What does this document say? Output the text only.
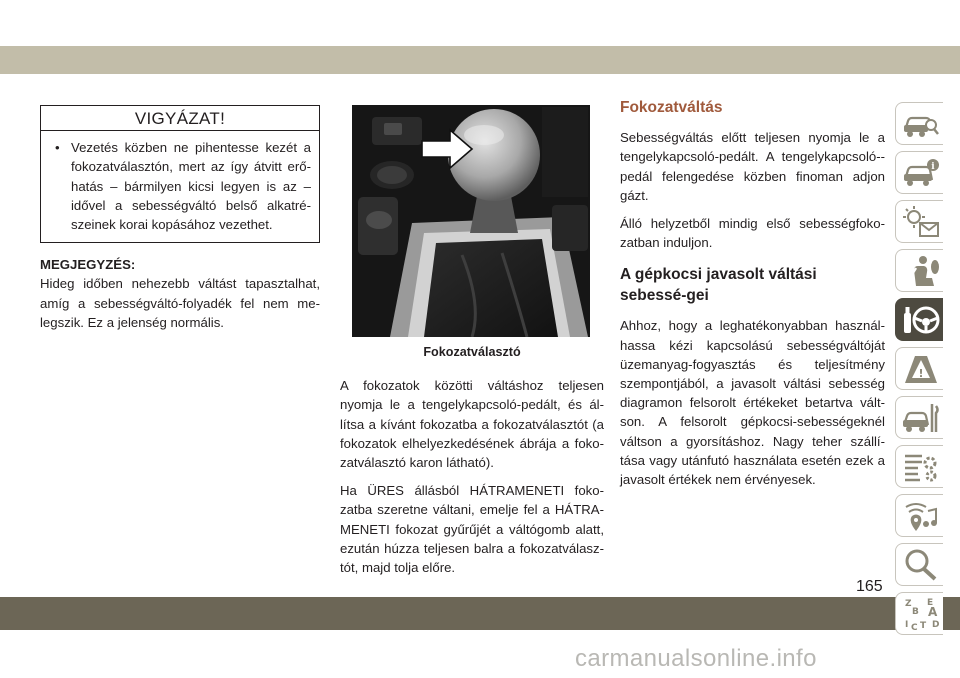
VIGYÁZAT!
• Vezetés közben ne pihentesse kezét a fokozatválasztón, mert az így átvitt erő-hatás – bármilyen kicsi legyen is az – idővel a sebességváltó belső alkatré-szeinek korai kopásához vezethet.
MEGJEGYZÉS:

Hideg időben nehezebb váltást tapasztalhat, amíg a sebességváltó-folyadék fel nem me-legszik. Ez a jelenség normális.

Fokozatválasztó

A fokozatok közötti váltáshoz teljesen nyomja le a tengelykapcsoló-pedált, és ál-lítsa a kívánt fokozatba a fokozatválasztót (a fokozatok elhelyezkedésének ábrája a foko-zatválasztó karon látható).

Ha ÜRES állásból HÁTRAMENETI foko-zatba szeretne váltani, emelje fel a HÁTRA-MENETI fokozat gyűrűjét a váltógomb alatt, ezután húzza teljesen balra a fokozatválasz-tót, majd tolja előre.

Fokozatváltás

Sebességváltás előtt teljesen nyomja le a tengelykapcsoló-pedált. A tengelykapcsoló--pedál felengedése közben finoman adjon gázt.

Álló helyzetből mindig első sebességfoko-zatban induljon.

A gépkocsi javasolt váltási sebessé-gei

Ahhoz, hogy a leghatékonyabban használ-hassa kézi kapcsolású sebességváltóját üzemanyag-fogyasztás és teljesítmény szempontjából, a javasolt váltási sebesség diagramon felsorolt értékeket betartva vált-son. A felsorolt gépkocsi-sebességeknél váltson a gyorsításhoz. Nagy teher szállí-tása vagy utánfutó használata esetén ezek a javasolt értékek nem érvényesek.

i
!
Z E
B A
D
I C T
165
carmanualsonline.info
